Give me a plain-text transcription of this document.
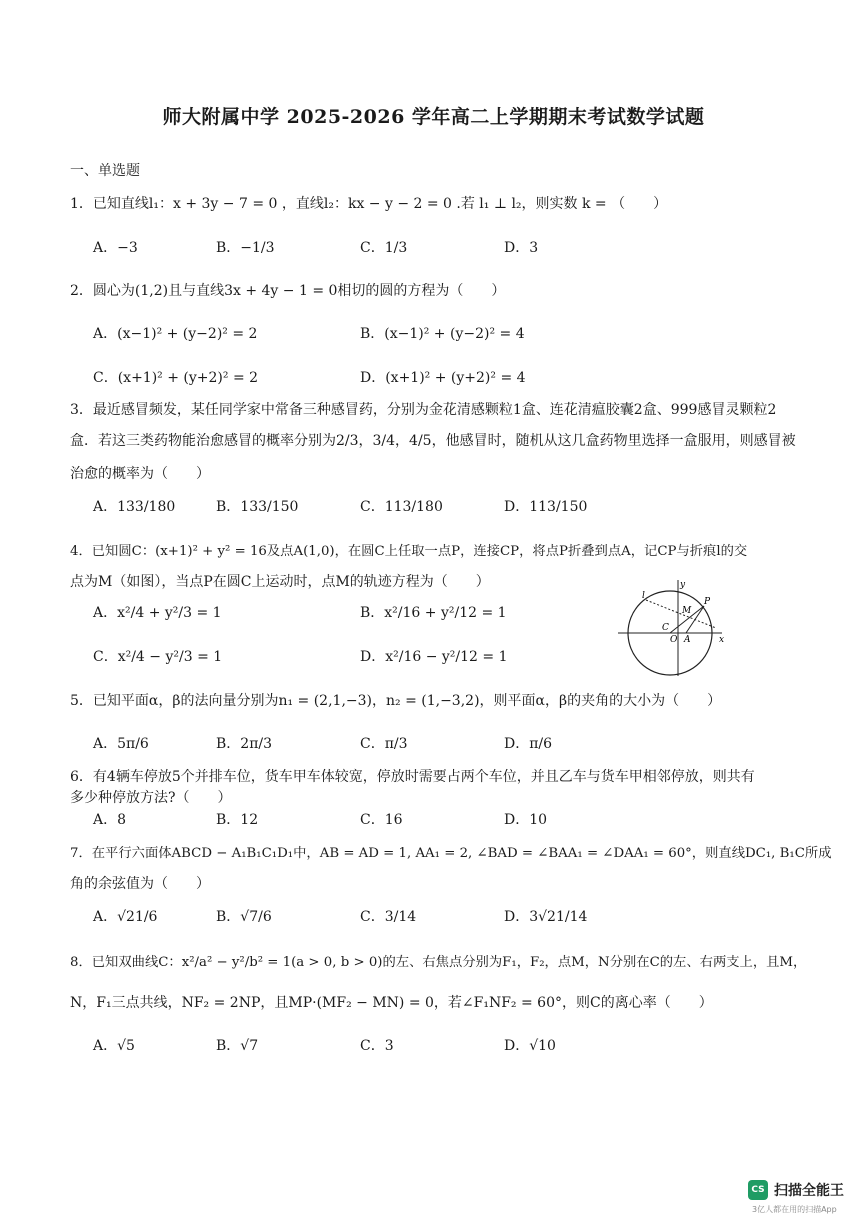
师大附属中学 2025-2026 学年高二上学期期末考试数学试题
一、单选题
1．已知直线l₁：x + 3y − 7 = 0 ，直线l₂：kx − y − 2 = 0 .若 l₁ ⊥ l₂，则实数 k = （　　）
A．−3	B．−1/3	C．1/3	D．3
2．圆心为(1,2)且与直线3x + 4y − 1 = 0相切的圆的方程为（　　）
A．(x−1)² + (y−2)² = 2	B．(x−1)² + (y−2)² = 4
C．(x+1)² + (y+2)² = 2	D．(x+1)² + (y+2)² = 4
3．最近感冒频发，某任同学家中常备三种感冒药，分别为金花清感颗粒1盒、连花清瘟胶囊2盒、999感冒灵颗粒2
盒．若这三类药物能治愈感冒的概率分别为2/3，3/4，4/5，他感冒时，随机从这几盒药物里选择一盒服用，则感冒被
治愈的概率为（　　）
A．133/180	B．133/150	C．113/180	D．113/150
4．已知圆C：(x+1)² + y² = 16及点A(1,0)，在圆C上任取一点P，连接CP，将点P折叠到点A，记CP与折痕l的交
点为M（如图），当点P在圆C上运动时，点M的轨迹方程为（　　）
A．x²/4 + y²/3 = 1	B．x²/16 + y²/12 = 1
C．x²/4 − y²/3 = 1	D．x²/16 − y²/12 = 1
y
x
l
M
P
C
O A
5．已知平面α，β的法向量分别为n₁ = (2,1,−3)，n₂ = (1,−3,2)，则平面α，β的夹角的大小为（　　）
A．5π/6	B．2π/3	C．π/3	D．π/6
6．有4辆车停放5个并排车位，货车甲车体较宽，停放时需要占两个车位，并且乙车与货车甲相邻停放，则共有
多少种停放方法?（　　）
A．8	B．12	C．16	D．10
7．在平行六面体ABCD − A₁B₁C₁D₁中，AB = AD = 1, AA₁ = 2, ∠BAD = ∠BAA₁ = ∠DAA₁ = 60°，则直线DC₁, B₁C所成
角的余弦值为（　　）
A．√21/6	B．√7/6	C．3/14	D．3√21/14
8．已知双曲线C：x²/a² − y²/b² = 1(a > 0, b > 0)的左、右焦点分别为F₁，F₂，点M，N分别在C的左、右两支上，且M，
N，F₁三点共线，NF₂ = 2NP，且MP·(MF₂ − MN) = 0，若∠F₁NF₂ = 60°，则C的离心率（　　）
A．√5	B．√7	C．3	D．√10
CS 扫描全能王
3亿人都在用的扫描App
